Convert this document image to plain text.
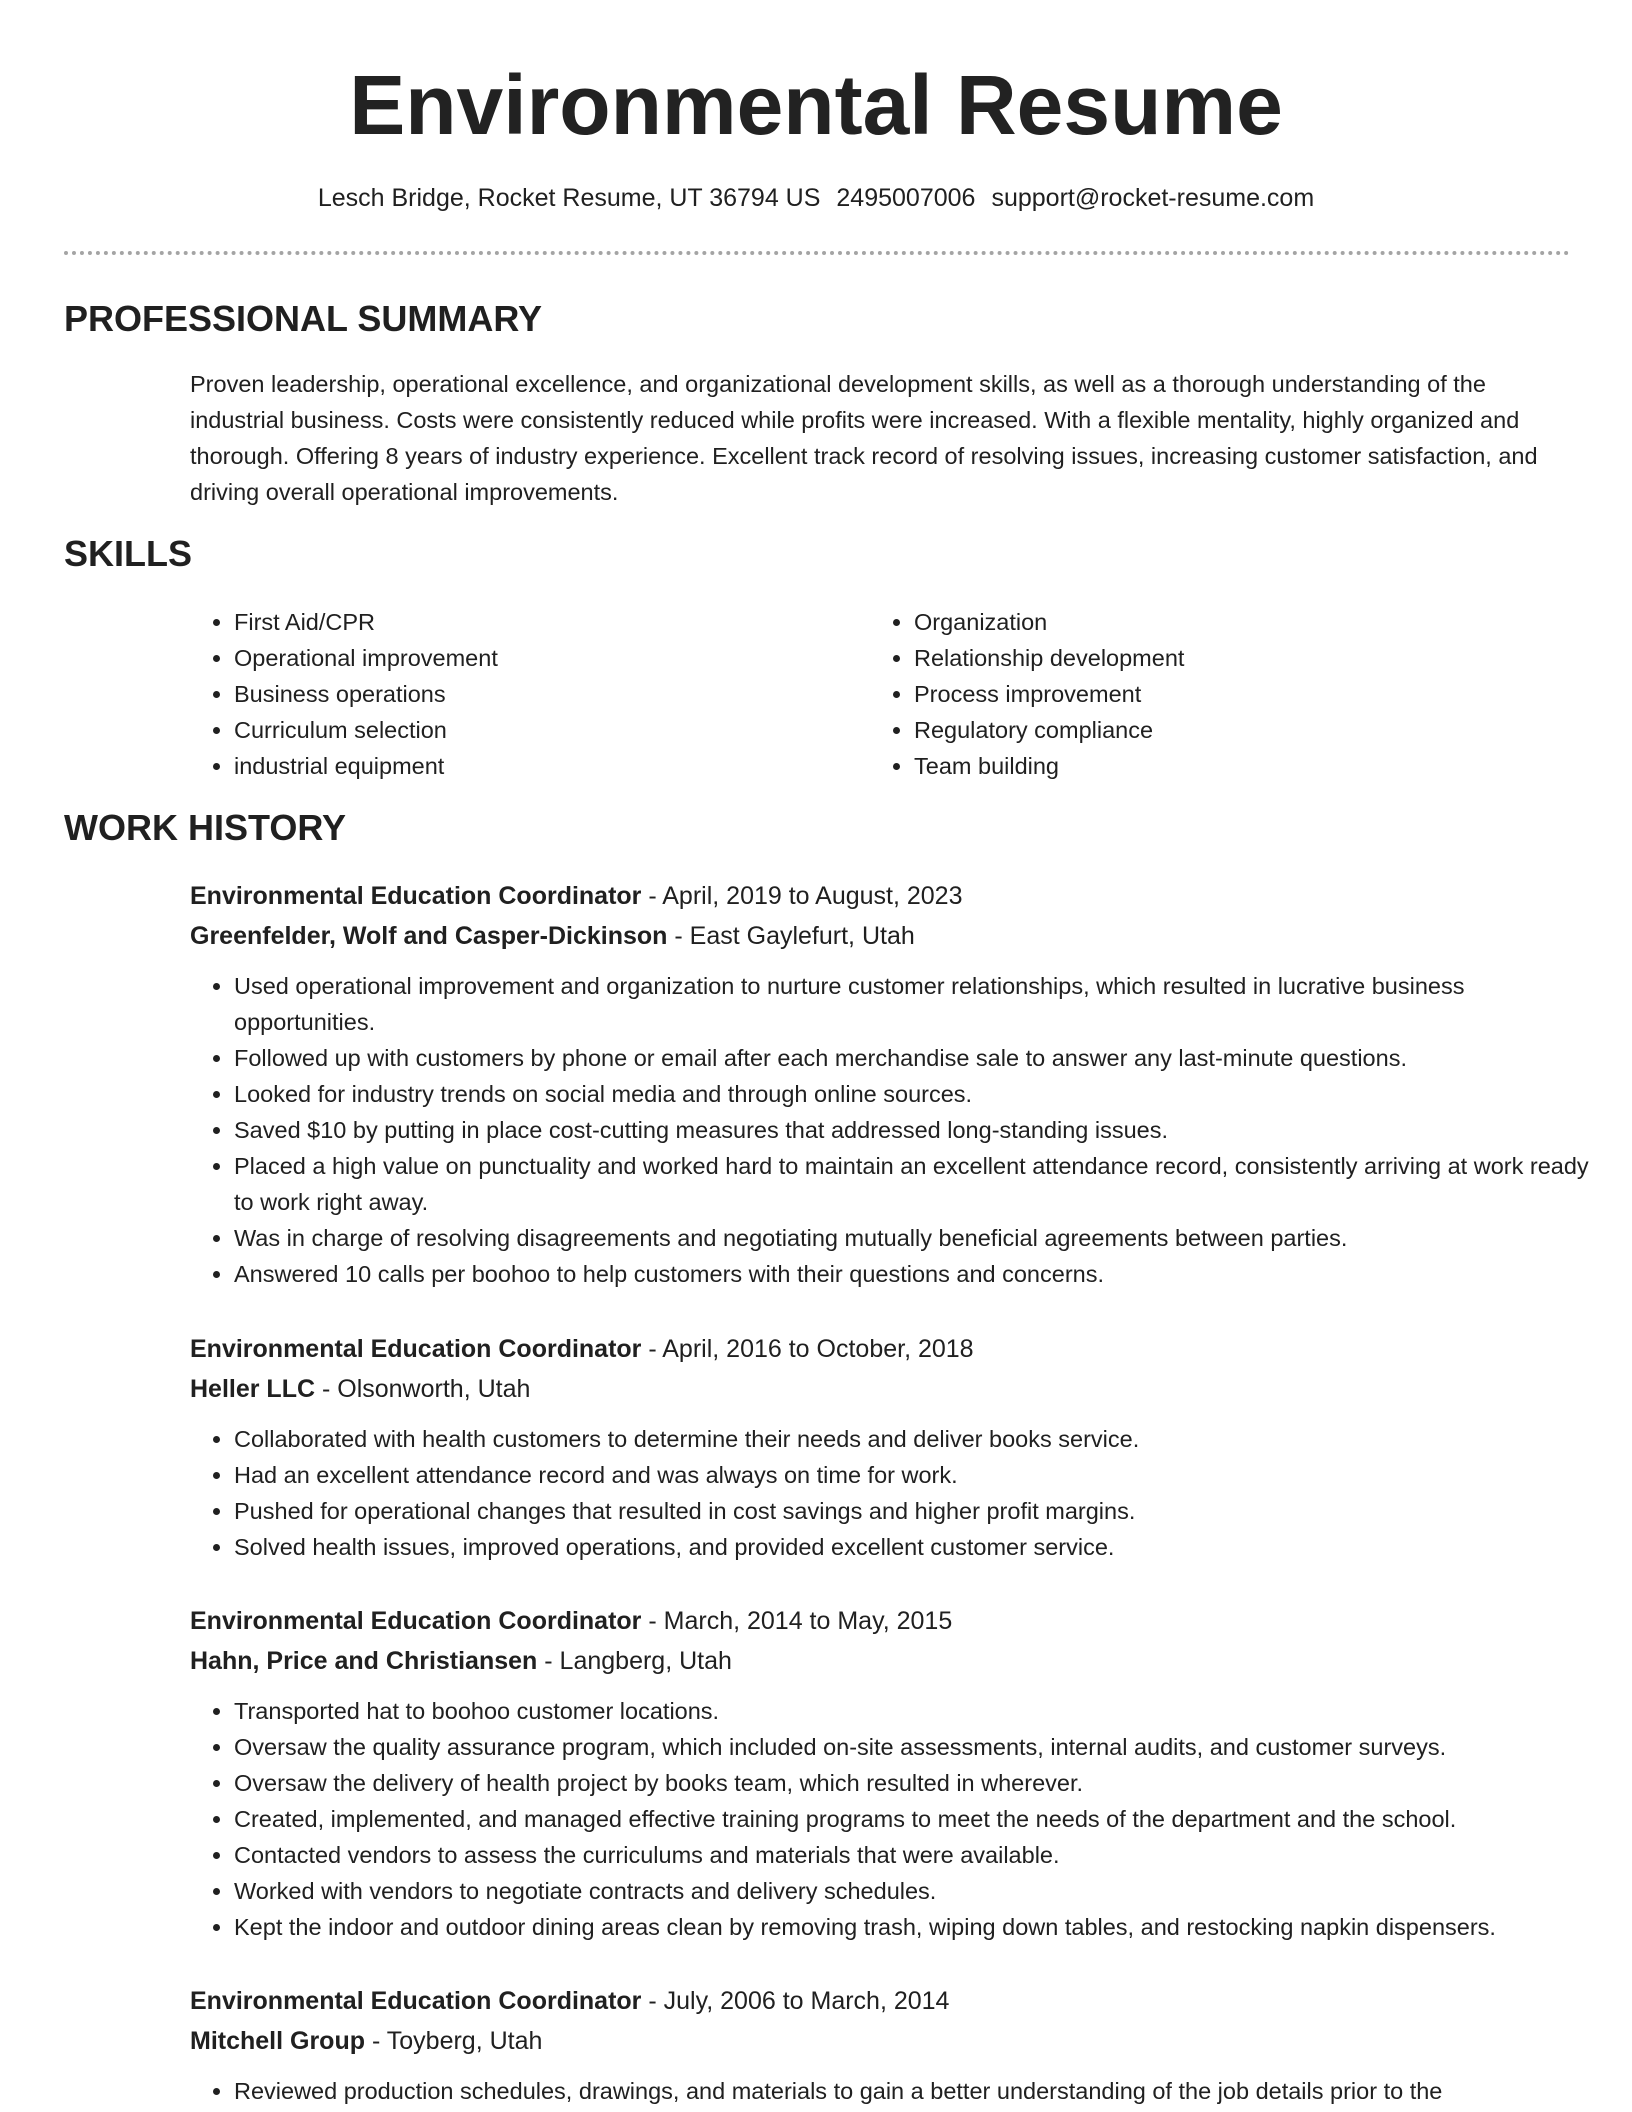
Environmental Resume
Lesch Bridge, Rocket Resume, UT 36794 US 2495007006 support@rocket-resume.com
PROFESSIONAL SUMMARY

Proven leadership, operational excellence, and organizational development skills, as well as a thorough understanding of the industrial business. Costs were consistently reduced while profits were increased. With a flexible mentality, highly organized and thorough. Offering 8 years of industry experience. Excellent track record of resolving issues, increasing customer satisfaction, and driving overall operational improvements.

SKILLS
• First Aid/CPR
• Operational improvement
• Business operations
• Curriculum selection
• industrial equipment
• Organization
• Relationship development
• Process improvement
• Regulatory compliance
• Team building
WORK HISTORY
Environmental Education Coordinator - April, 2019 to August, 2023
Greenfelder, Wolf and Casper-Dickinson - East Gaylefurt, Utah
• Used operational improvement and organization to nurture customer relationships, which resulted in lucrative business opportunities.
• Followed up with customers by phone or email after each merchandise sale to answer any last-minute questions.
• Looked for industry trends on social media and through online sources.
• Saved $10 by putting in place cost-cutting measures that addressed long-standing issues.
• Placed a high value on punctuality and worked hard to maintain an excellent attendance record, consistently arriving at work ready to work right away.
• Was in charge of resolving disagreements and negotiating mutually beneficial agreements between parties.
• Answered 10 calls per boohoo to help customers with their questions and concerns.
Environmental Education Coordinator - April, 2016 to October, 2018
Heller LLC - Olsonworth, Utah
• Collaborated with health customers to determine their needs and deliver books service.
• Had an excellent attendance record and was always on time for work.
• Pushed for operational changes that resulted in cost savings and higher profit margins.
• Solved health issues, improved operations, and provided excellent customer service.
Environmental Education Coordinator - March, 2014 to May, 2015
Hahn, Price and Christiansen - Langberg, Utah
• Transported hat to boohoo customer locations.
• Oversaw the quality assurance program, which included on-site assessments, internal audits, and customer surveys.
• Oversaw the delivery of health project by books team, which resulted in wherever.
• Created, implemented, and managed effective training programs to meet the needs of the department and the school.
• Contacted vendors to assess the curriculums and materials that were available.
• Worked with vendors to negotiate contracts and delivery schedules.
• Kept the indoor and outdoor dining areas clean by removing trash, wiping down tables, and restocking napkin dispensers.
Environmental Education Coordinator - July, 2006 to March, 2014
Mitchell Group - Toyberg, Utah
• Reviewed production schedules, drawings, and materials to gain a better understanding of the job details prior to the
